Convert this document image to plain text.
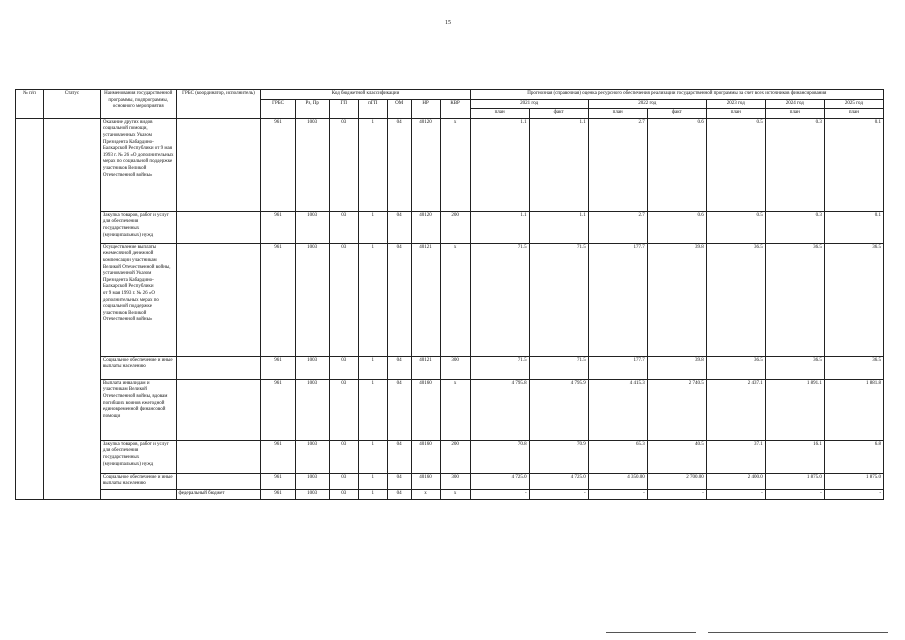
15
№ п/п	Статус	Наименования государственной программы, подпрограммы, основного мероприятия	ГРБС (координатор, исполнитель)	Код бюджетной классификации							Прогнозная (справочная) оценка ресурсного обеспечения реализации государственной программы за счет всех источников финансирования						
				ГРБС	Рз, Пр	ГП	пГП	ОМ	НР	КВР	2021 год		2022 год		2023 год	2024 год	2025 год
											план	факт	план	факт	план	план	план
		Оказание других видов социальной помощи, установленных Указом Президента Кабардино-Балкарской Республики от 9 мая 1993 г. № 26 «О дополнительных мерах по социальной поддержке участников Великой Отечественной войны»		961	1003	03	1	04	40120	х	1.1	1.1	2.7	0.6	0.5	0.3	0.1
		Закупка товаров, работ и услуг для обеспечения государственных (муниципальных) нужд		961	1003	03	1	04	40120	200	1.1	1.1	2.7	0.6	0.5	0.3	0.1
		Осуществление выплаты ежемесячной денежной компенсации участникам Великой Отечественной войны, установленной Указом Президента Кабардино-Балкарской Республики
от 9 мая 1993 г. № 26 «О дополнительных мерах по социальной поддержке участников Великой Отечественной войны»		961	1003	03	1	04	40121	х	71.5	71.5	177.7	39.8	36.5	36.5	36.5
		Социальное обеспечение и иные выплаты населению		961	1003	03	1	04	40121	300	71.5	71.5	177.7	39.8	36.5	36.5	36.5
		Выплата инвалидам и участникам Великой Отечественной войны, вдовам погибших воинов ежегодной единовременной финансовой помощи		961	1003	03	1	04	40160	х	4 795.8	4 795.9	4 415.3	2 740.5	2 437.1	1 891.1	1 881.8
		Закупка товаров, работ и услуг для обеспечения государственных (муниципальных) нужд		961	1003	03	1	04	40160	200	70.8	70.9	65.3	40.5	37.1	16.1	6.8
		Социальное обеспечение и иные выплаты населению		961	1003	03	1	04	40160	300	4 725.0	4 725.0	4 350.00	2 700.00	2 400.0	1 875.0	1 875.0
			федеральный бюджет	961	1003	03	1	04	х	х	-	-	-	-	-	-	-
